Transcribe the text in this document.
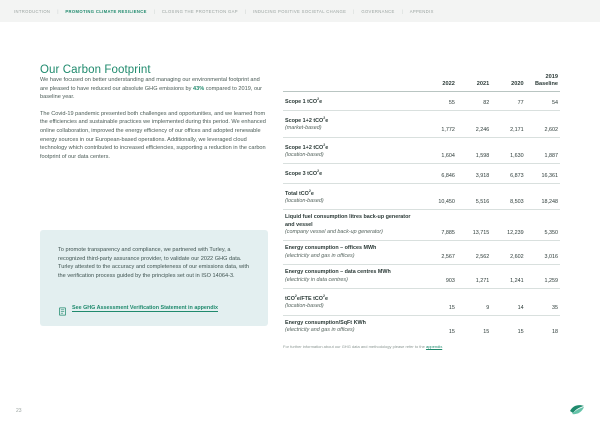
INTRODUCTION	|	PROMOTING CLIMATE RESILIENCE	|	CLOSING THE PROTECTION GAP	|	INDUCING POSITIVE SOCIETAL CHANGE	|	GOVERNANCE	|	APPENDIX
Our Carbon Footprint

We have focused on better understanding and managing our environmental footprint and are pleased to have reduced our absolute GHG emissions by 43% compared to 2019, our baseline year.

The Covid-19 pandemic presented both challenges and opportunities, and we learned from the efficiencies and sustainable practices we implemented during this period. We enhanced online collaboration, improved the energy efficiency of our offices and adopted renewable energy sources in our European-based operations. Additionally, we leveraged cloud technology which contributed to increased efficiencies, supporting a reduction in the carbon footprint of our data centers.

To promote transparency and compliance, we partnered with Turley, a recognized third-party assurance provider, to validate our 2022 GHG data. Turley attested to the accuracy and completeness of our emissions data, with the verification process guided by the principles set out in ISO 14064-3.

See GHG Assessment Verification Statement in appendix
	2022	2021	2020	2019
Baseline

Scope 1 tCO$^2$e	55	82	77	54

Scope 1+2 tCO$^2$e
(market-based)	1,772	2,246	2,171	2,602

Scope 1+2 tCO$^2$e
(location-based)	1,604	1,598	1,630	1,887

Scope 3 tCO$^2$e	6,846	3,918	6,873	16,361

Total tCO$^2$e
(location-based)	10,450	5,516	8,503	18,248

Liquid fuel consumption litres back-up generator and vessel
(company vessel and back-up generator)	7,885	13,715	12,239	5,350

Energy consumption – offices MWh
(electricity and gas in offices)	2,567	2,562	2,602	3,016

Energy consumption – data centres MWh
(electricity in data centres)	903	1,271	1,241	1,259

tCO$^2$e/FTE tCO$^2$e
(location-based)	15	9	14	35

Energy consumption/SqFt KWh
(electricity and gas in offices)	15	15	15	18
For further information about our GHG data and methodology please refer to the appendix.
23
